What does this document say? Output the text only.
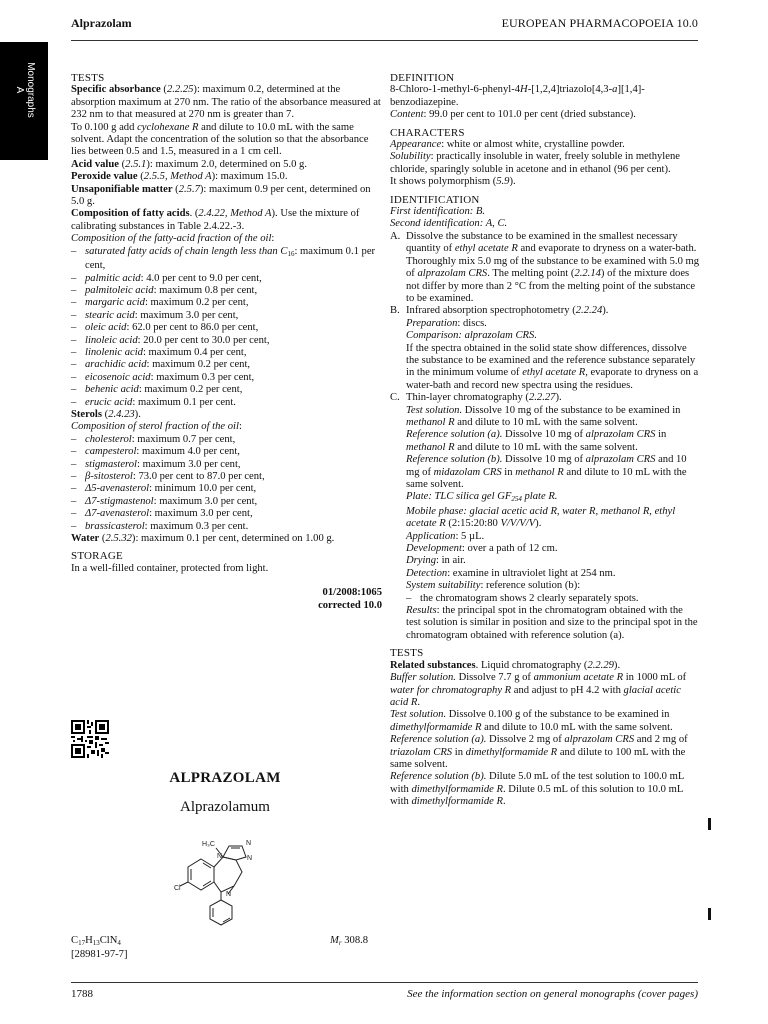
Alprazolam	EUROPEAN PHARMACOPOEIA 10.0
Monographs
A

TESTS

Specific absorbance (2.2.25): maximum 0.2, determined at the absorption maximum at 270 nm. The ratio of the absorbance measured at 232 nm to that measured at 270 nm is greater than 7.

To 0.100 g add cyclohexane R and dilute to 10.0 mL with the same solvent. Adapt the concentration of the solution so that the absorbance lies between 0.5 and 1.5, measured in a 1 cm cell.

Acid value (2.5.1): maximum 2.0, determined on 5.0 g.

Peroxide value (2.5.5, Method A): maximum 15.0.

Unsaponifiable matter (2.5.7): maximum 0.9 per cent, determined on 5.0 g.

Composition of fatty acids. (2.4.22, Method A). Use the mixture of calibrating substances in Table 2.4.22.-3.

Composition of the fatty-acid fraction of the oil:

– saturated fatty acids of chain length less than $C_{16}$: maximum 0.1 per cent,
– palmitic acid: 4.0 per cent to 9.0 per cent,
– palmitoleic acid: maximum 0.8 per cent,
– margaric acid: maximum 0.2 per cent,
– stearic acid: maximum 3.0 per cent,
– oleic acid: 62.0 per cent to 86.0 per cent,
– linoleic acid: 20.0 per cent to 30.0 per cent,
– linolenic acid: maximum 0.4 per cent,
– arachidic acid: maximum 0.2 per cent,
– eicosenoic acid: maximum 0.3 per cent,
– behenic acid: maximum 0.2 per cent,
– erucic acid: maximum 0.1 per cent.

Sterols (2.4.23).

Composition of sterol fraction of the oil:

– cholesterol: maximum 0.7 per cent,
– campesterol: maximum 4.0 per cent,
– stigmasterol: maximum 3.0 per cent,
– β-sitosterol: 73.0 per cent to 87.0 per cent,
– Δ5-avenasterol: minimum 10.0 per cent,
– Δ7-stigmastenol: maximum 3.0 per cent,
– Δ7-avenasterol: maximum 3.0 per cent,
– brassicasterol: maximum 0.3 per cent.

Water (2.5.32): maximum 0.1 per cent, determined on 1.00 g.

STORAGE

In a well-filled container, protected from light.

01/2008:1065

corrected 10.0

ALPRAZOLAM
Alprazolamum
H₃C	N
N
N
N
Cl
$C_{17}H_{13}ClN_4$
[28981-97-7]
$M_r$ 308.8

DEFINITION

8-Chloro-1-methyl-6-phenyl-4H-[1,2,4]triazolo[4,3-a][1,4]-benzodiazepine.

Content: 99.0 per cent to 101.0 per cent (dried substance).

CHARACTERS

Appearance: white or almost white, crystalline powder.

Solubility: practically insoluble in water, freely soluble in methylene chloride, sparingly soluble in acetone and in ethanol (96 per cent).

It shows polymorphism (5.9).

IDENTIFICATION

First identification: B.

Second identification: A, C.

A. Dissolve the substance to be examined in the smallest necessary quantity of ethyl acetate R and evaporate to dryness on a water-bath. Thoroughly mix 5.0 mg of the substance to be examined with 5.0 mg of alprazolam CRS. The melting point (2.2.14) of the mixture does not differ by more than 2 °C from the melting point of the substance to be examined.
B. Infrared absorption spectrophotometry (2.2.24).
Preparation: discs.
Comparison: alprazolam CRS.
If the spectra obtained in the solid state show differences, dissolve the substance to be examined and the reference substance separately in the minimum volume of ethyl acetate R, evaporate to dryness on a water-bath and record new spectra using the residues.
C. Thin-layer chromatography (2.2.27).
Test solution. Dissolve 10 mg of the substance to be examined in methanol R and dilute to 10 mL with the same solvent.
Reference solution (a). Dissolve 10 mg of alprazolam CRS in methanol R and dilute to 10 mL with the same solvent.
Reference solution (b). Dissolve 10 mg of alprazolam CRS and 10 mg of midazolam CRS in methanol R and dilute to 10 mL with the same solvent.
Plate: TLC silica gel $GF_{254}$ plate R.
Mobile phase: glacial acetic acid R, water R, methanol R, ethyl acetate R (2:15:20:80 V/V/V/V).
Application: 5 µL.
Development: over a path of 12 cm.
Drying: in air.
Detection: examine in ultraviolet light at 254 nm.
System suitability: reference solution (b):
– the chromatogram shows 2 clearly separately spots.
Results: the principal spot in the chromatogram obtained with the test solution is similar in position and size to the principal spot in the chromatogram obtained with reference solution (a).

TESTS

Related substances. Liquid chromatography (2.2.29).

Buffer solution. Dissolve 7.7 g of ammonium acetate R in 1000 mL of water for chromatography R and adjust to pH 4.2 with glacial acetic acid R.

Test solution. Dissolve 0.100 g of the substance to be examined in dimethylformamide R and dilute to 10.0 mL with the same solvent.

Reference solution (a). Dissolve 2 mg of alprazolam CRS and 2 mg of triazolam CRS in dimethylformamide R and dilute to 100 mL with the same solvent.

Reference solution (b). Dilute 5.0 mL of the test solution to 100.0 mL with dimethylformamide R. Dilute 0.5 mL of this solution to 10.0 mL with dimethylformamide R.

1788	See the information section on general monographs (cover pages)
